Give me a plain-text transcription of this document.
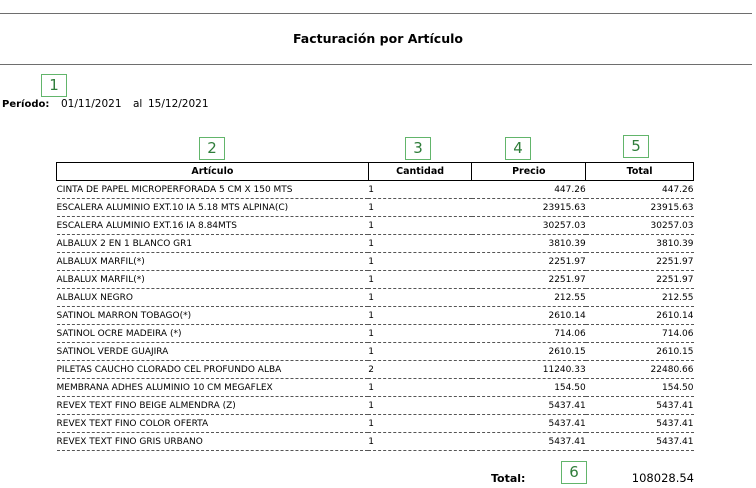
Facturación por Artículo
1
Período: 01/11/2021 al 15/12/2021
2	3	4	5
Artículo	Cantidad	Precio	Total
CINTA DE PAPEL MICROPERFORADA 5 CM X 150 MTS	1	447.26	447.26
ESCALERA ALUMINIO EXT.10 IA 5.18 MTS ALPINA(C)	1	23915.63	23915.63
ESCALERA ALUMINIO EXT.16 IA 8.84MTS	1	30257.03	30257.03
ALBALUX 2 EN 1 BLANCO GR1	1	3810.39	3810.39
ALBALUX MARFIL(*)	1	2251.97	2251.97
ALBALUX MARFIL(*)	1	2251.97	2251.97
ALBALUX NEGRO	1	212.55	212.55
SATINOL MARRON TOBAGO(*)	1	2610.14	2610.14
SATINOL OCRE MADEIRA (*)	1	714.06	714.06
SATINOL VERDE GUAJIRA	1	2610.15	2610.15
PILETAS CAUCHO CLORADO CEL PROFUNDO ALBA	2	11240.33	22480.66
MEMBRANA ADHES ALUMINIO 10 CM MEGAFLEX	1	154.50	154.50
REVEX TEXT FINO BEIGE ALMENDRA (Z)	1	5437.41	5437.41
REVEX TEXT FINO COLOR OFERTA	1	5437.41	5437.41
REVEX TEXT FINO GRIS URBANO	1	5437.41	5437.41
Total:	6	108028.54
